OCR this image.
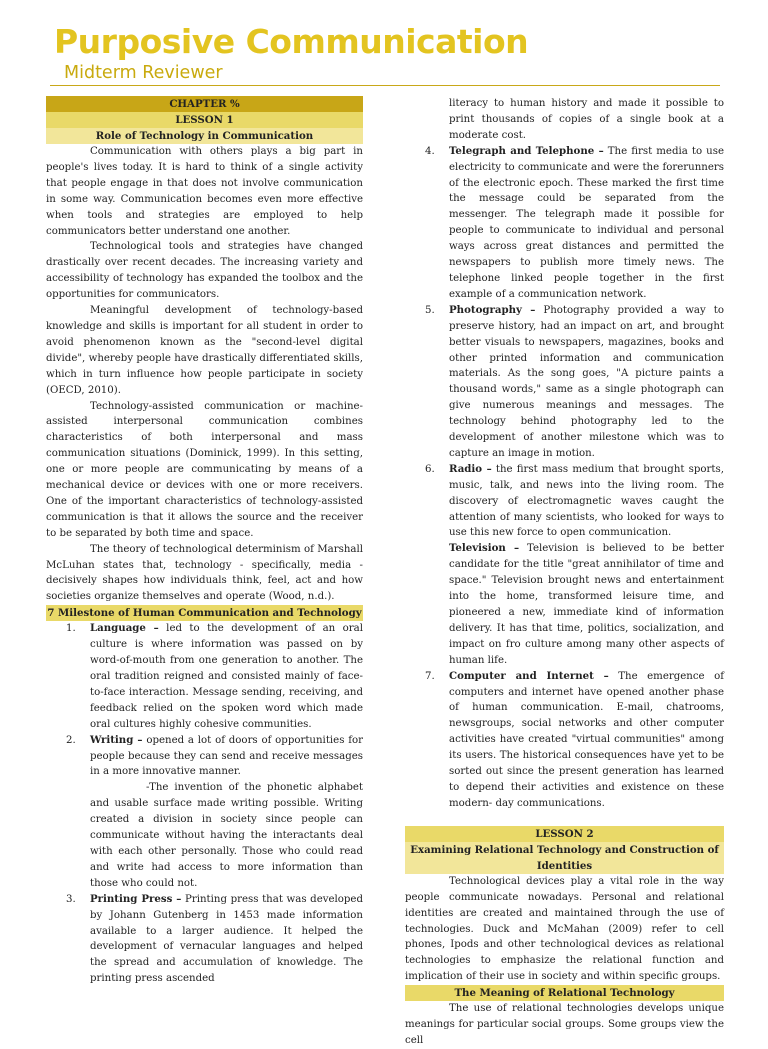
Purposive Communication
Midterm Reviewer
CHAPTER %
LESSON 1
Role of Technology in Communication

Communication with others plays a big part in people's lives today. It is hard to think of a single activity that people engage in that does not involve communication in some way. Communication becomes even more effective when tools and strategies are employed to help communicators better understand one another.

Technological tools and strategies have changed drastically over recent decades. The increasing variety and accessibility of technology has expanded the toolbox and the opportunities for communicators.

Meaningful development of technology-based knowledge and skills is important for all student in order to avoid phenomenon known as the "second-level digital divide", whereby people have drastically differentiated skills, which in turn influence how people participate in society (OECD, 2010).

Technology-assisted communication or machine-assisted interpersonal communication combines characteristics of both interpersonal and mass communication situations (Dominick, 1999). In this setting, one or more people are communicating by means of a mechanical device or devices with one or more receivers. One of the important characteristics of technology-assisted communication is that it allows the source and the receiver to be separated by both time and space.

The theory of technological determinism of Marshall McLuhan states that, technology - specifically, media - decisively shapes how individuals think, feel, act and how societies organize themselves and operate (Wood, n.d.).

7 Milestone of Human Communication and Technology
1. Language – led to the development of an oral culture is where information was passed on by word-of-mouth from one generation to another. The oral tradition reigned and consisted mainly of face-to-face interaction. Message sending, receiving, and feedback relied on the spoken word which made oral cultures highly cohesive communities.
2. Writing – opened a lot of doors of opportunities for people because they can send and receive messages in a more innovative manner.
-The invention of the phonetic alphabet and usable surface made writing possible. Writing created a division in society since people can communicate without having the interactants deal with each other personally. Those who could read and write had access to more information than those who could not.
3. Printing Press – Printing press that was developed by Johann Gutenberg in 1453 made information available to a larger audience. It helped the development of vernacular languages and helped the spread and accumulation of knowledge. The printing press ascended
literacy to human history and made it possible to print thousands of copies of a single book at a moderate cost.
4. Telegraph and Telephone – The first media to use electricity to communicate and were the forerunners of the electronic epoch. These marked the first time the message could be separated from the messenger. The telegraph made it possible for people to communicate to individual and personal ways across great distances and permitted the newspapers to publish more timely news. The telephone linked people together in the first example of a communication network.
5. Photography – Photography provided a way to preserve history, had an impact on art, and brought better visuals to newspapers, magazines, books and other printed information and communication materials. As the song goes, "A picture paints a thousand words," same as a single photograph can give numerous meanings and messages. The technology behind photography led to the development of another milestone which was to capture an image in motion.
6. Radio – the first mass medium that brought sports, music, talk, and news into the living room. The discovery of electromagnetic waves caught the attention of many scientists, who looked for ways to use this new force to open communication.
Television – Television is believed to be better candidate for the title "great annihilator of time and space." Television brought news and entertainment into the home, transformed leisure time, and pioneered a new, immediate kind of information delivery. It has that time, politics, socialization, and impact on fro culture among many other aspects of human life.
7. Computer and Internet – The emergence of computers and internet have opened another phase of human communication. E-mail, chatrooms, newsgroups, social networks and other computer activities have created "virtual communities" among its users. The historical consequences have yet to be sorted out since the present generation has learned to depend their activities and existence on these modern- day communications.
LESSON 2
Examining Relational Technology and Construction of Identities

Technological devices play a vital role in the way people communicate nowadays. Personal and relational identities are created and maintained through the use of technologies. Duck and McMahan (2009) refer to cell phones, Ipods and other technological devices as relational technologies to emphasize the relational function and implication of their use in society and within specific groups.

The Meaning of Relational Technology

The use of relational technologies develops unique meanings for particular social groups. Some groups view the cell
